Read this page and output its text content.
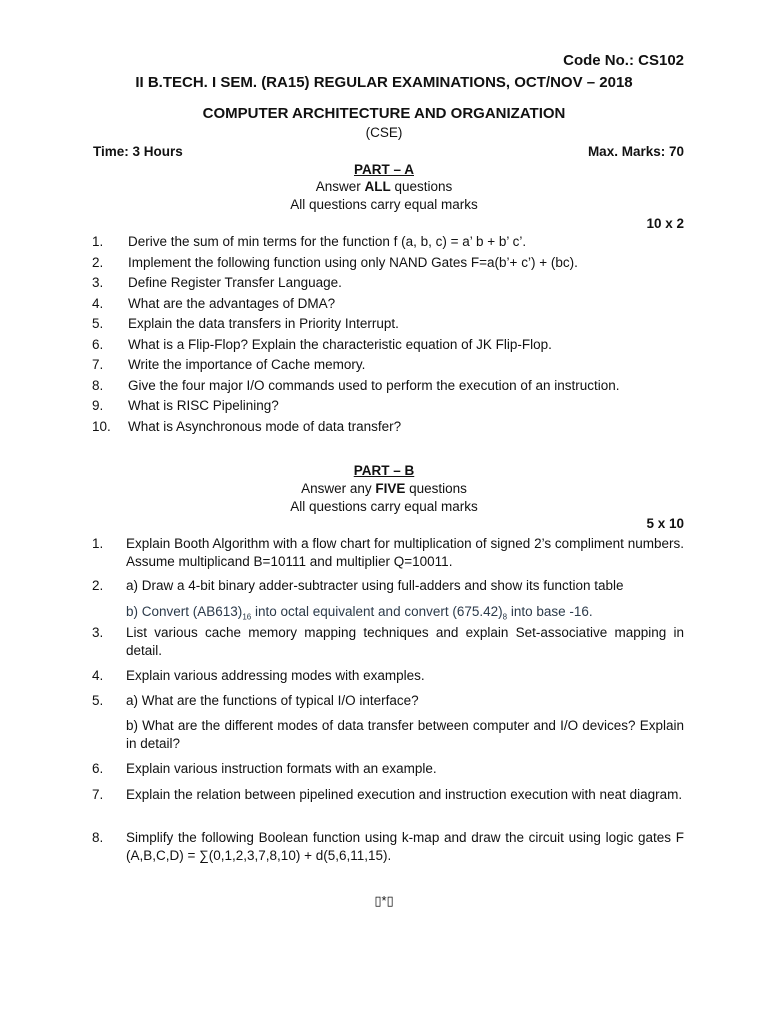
Code No.: CS102
II B.TECH. I SEM. (RA15) REGULAR EXAMINATIONS, OCT/NOV – 2018
COMPUTER ARCHITECTURE AND ORGANIZATION
(CSE)
Time: 3 Hours	Max. Marks: 70
PART – A
Answer ALL questions
All questions carry equal marks
10 x 2
1.	Derive the sum of min terms for the function f (a, b, c) = a’ b + b’ c’.
2.	Implement the following function using only NAND Gates F=a(b’+ c’) + (bc).
3.	Define Register Transfer Language.
4.	What are the advantages of DMA?
5.	Explain the data transfers in Priority Interrupt.
6.	What is a Flip-Flop? Explain the characteristic equation of JK Flip-Flop.
7.	Write the importance of Cache memory.
8.	Give the four major I/O commands used to perform the execution of an instruction.
9.	What is RISC Pipelining?
10.	What is Asynchronous mode of data transfer?
PART – B
Answer any FIVE questions
All questions carry equal marks
5 x 10
1. Explain Booth Algorithm with a flow chart for multiplication of signed 2’s compliment numbers. Assume multiplicand B=10111 and multiplier Q=10011.
2. a) Draw a 4-bit binary adder-subtracter using full-adders and show its function table
b) Convert $(AB613)_{16}$ into octal equivalent and convert $(675.42)_8$ into base -16.
3. List various cache memory mapping techniques and explain Set-associative mapping in detail.
4. Explain various addressing modes with examples.
5. a) What are the functions of typical I/O interface?
b) What are the different modes of data transfer between computer and I/O devices? Explain in detail?
6. Explain various instruction formats with an example.
7. Explain the relation between pipelined execution and instruction execution with neat diagram.
8. Simplify the following Boolean function using k-map and draw the circuit using logic gates F (A,B,C,D) = ∑(0,1,2,3,7,8,10) + d(5,6,11,15).
▯*▯
